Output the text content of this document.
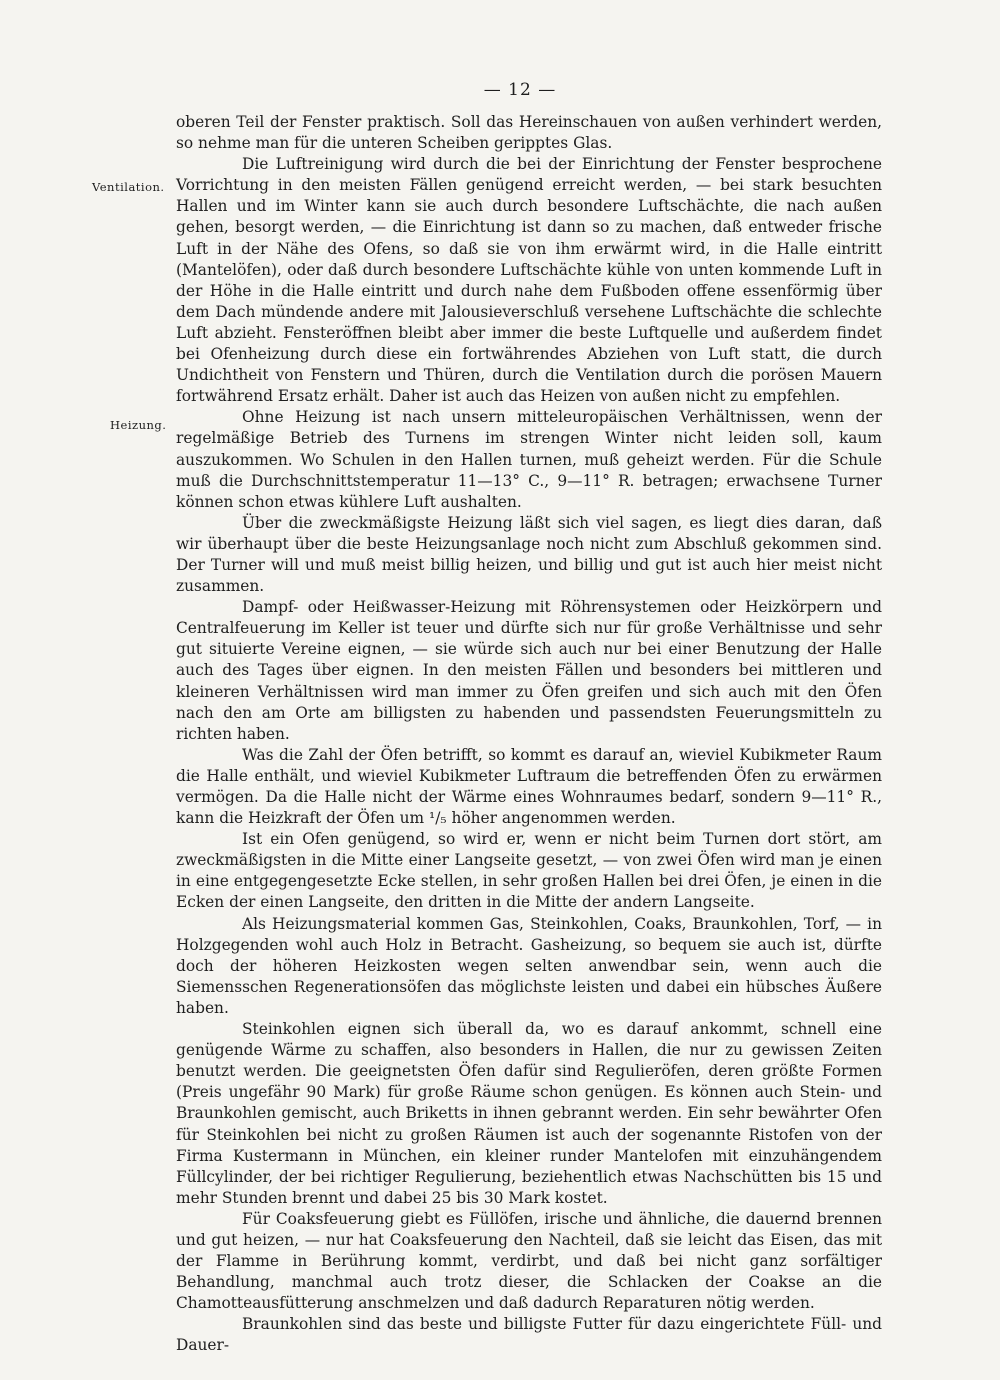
— 12 —
Ventilation.
Heizung.

oberen Teil der Fenster praktisch. Soll das Hereinschauen von außen verhindert werden, so nehme man für die unteren Scheiben geripptes Glas.

Die Luftreinigung wird durch die bei der Einrichtung der Fenster besprochene Vorrichtung in den meisten Fällen genügend erreicht werden, — bei stark besuchten Hallen und im Winter kann sie auch durch besondere Luftschächte, die nach außen gehen, besorgt werden, — die Einrichtung ist dann so zu machen, daß entweder frische Luft in der Nähe des Ofens, so daß sie von ihm erwärmt wird, in die Halle eintritt (Mantelöfen), oder daß durch besondere Luftschächte kühle von unten kommende Luft in der Höhe in die Halle eintritt und durch nahe dem Fußboden offene essenförmig über dem Dach mündende andere mit Jalousieverschluß versehene Luftschächte die schlechte Luft abzieht. Fensteröffnen bleibt aber immer die beste Luftquelle und außerdem findet bei Ofenheizung durch diese ein fortwährendes Abziehen von Luft statt, die durch Undichtheit von Fenstern und Thüren, durch die Ventilation durch die porösen Mauern fortwährend Ersatz erhält. Daher ist auch das Heizen von außen nicht zu empfehlen.

Ohne Heizung ist nach unsern mitteleuropäischen Verhältnissen, wenn der regelmäßige Betrieb des Turnens im strengen Winter nicht leiden soll, kaum auszukommen. Wo Schulen in den Hallen turnen, muß geheizt werden. Für die Schule muß die Durchschnittstemperatur 11—13° C., 9—11° R. betragen; erwachsene Turner können schon etwas kühlere Luft aushalten.

Über die zweckmäßigste Heizung läßt sich viel sagen, es liegt dies daran, daß wir überhaupt über die beste Heizungsanlage noch nicht zum Abschluß gekommen sind. Der Turner will und muß meist billig heizen, und billig und gut ist auch hier meist nicht zusammen.

Dampf- oder Heißwasser-Heizung mit Röhrensystemen oder Heizkörpern und Centralfeuerung im Keller ist teuer und dürfte sich nur für große Verhältnisse und sehr gut situierte Vereine eignen, — sie würde sich auch nur bei einer Benutzung der Halle auch des Tages über eignen. In den meisten Fällen und besonders bei mittleren und kleineren Verhältnissen wird man immer zu Öfen greifen und sich auch mit den Öfen nach den am Orte am billigsten zu habenden und passendsten Feuerungsmitteln zu richten haben.

Was die Zahl der Öfen betrifft, so kommt es darauf an, wieviel Kubikmeter Raum die Halle enthält, und wieviel Kubikmeter Luftraum die betreffenden Öfen zu erwärmen vermögen. Da die Halle nicht der Wärme eines Wohnraumes bedarf, sondern 9—11° R., kann die Heizkraft der Öfen um ¹/₅ höher angenommen werden.

Ist ein Ofen genügend, so wird er, wenn er nicht beim Turnen dort stört, am zweckmäßigsten in die Mitte einer Langseite gesetzt, — von zwei Öfen wird man je einen in eine entgegengesetzte Ecke stellen, in sehr großen Hallen bei drei Öfen, je einen in die Ecken der einen Langseite, den dritten in die Mitte der andern Langseite.

Als Heizungsmaterial kommen Gas, Steinkohlen, Coaks, Braunkohlen, Torf, — in Holzgegenden wohl auch Holz in Betracht. Gasheizung, so bequem sie auch ist, dürfte doch der höheren Heizkosten wegen selten anwendbar sein, wenn auch die Siemensschen Regenerationsöfen das möglichste leisten und dabei ein hübsches Äußere haben.

Steinkohlen eignen sich überall da, wo es darauf ankommt, schnell eine genügende Wärme zu schaffen, also besonders in Hallen, die nur zu gewissen Zeiten benutzt werden. Die geeignetsten Öfen dafür sind Regulieröfen, deren größte Formen (Preis ungefähr 90 Mark) für große Räume schon genügen. Es können auch Stein- und Braunkohlen gemischt, auch Briketts in ihnen gebrannt werden. Ein sehr bewährter Ofen für Steinkohlen bei nicht zu großen Räumen ist auch der sogenannte Ristofen von der Firma Kustermann in München, ein kleiner runder Mantelofen mit einzuhängendem Füllcylinder, der bei richtiger Regulierung, beziehentlich etwas Nachschütten bis 15 und mehr Stunden brennt und dabei 25 bis 30 Mark kostet.

Für Coaksfeuerung giebt es Füllöfen, irische und ähnliche, die dauernd brennen und gut heizen, — nur hat Coaksfeuerung den Nachteil, daß sie leicht das Eisen, das mit der Flamme in Berührung kommt, verdirbt, und daß bei nicht ganz sorfältiger Behandlung, manchmal auch trotz dieser, die Schlacken der Coakse an die Chamotteausfütterung anschmelzen und daß dadurch Reparaturen nötig werden.

Braunkohlen sind das beste und billigste Futter für dazu eingerichtete Füll- und Dauer-
